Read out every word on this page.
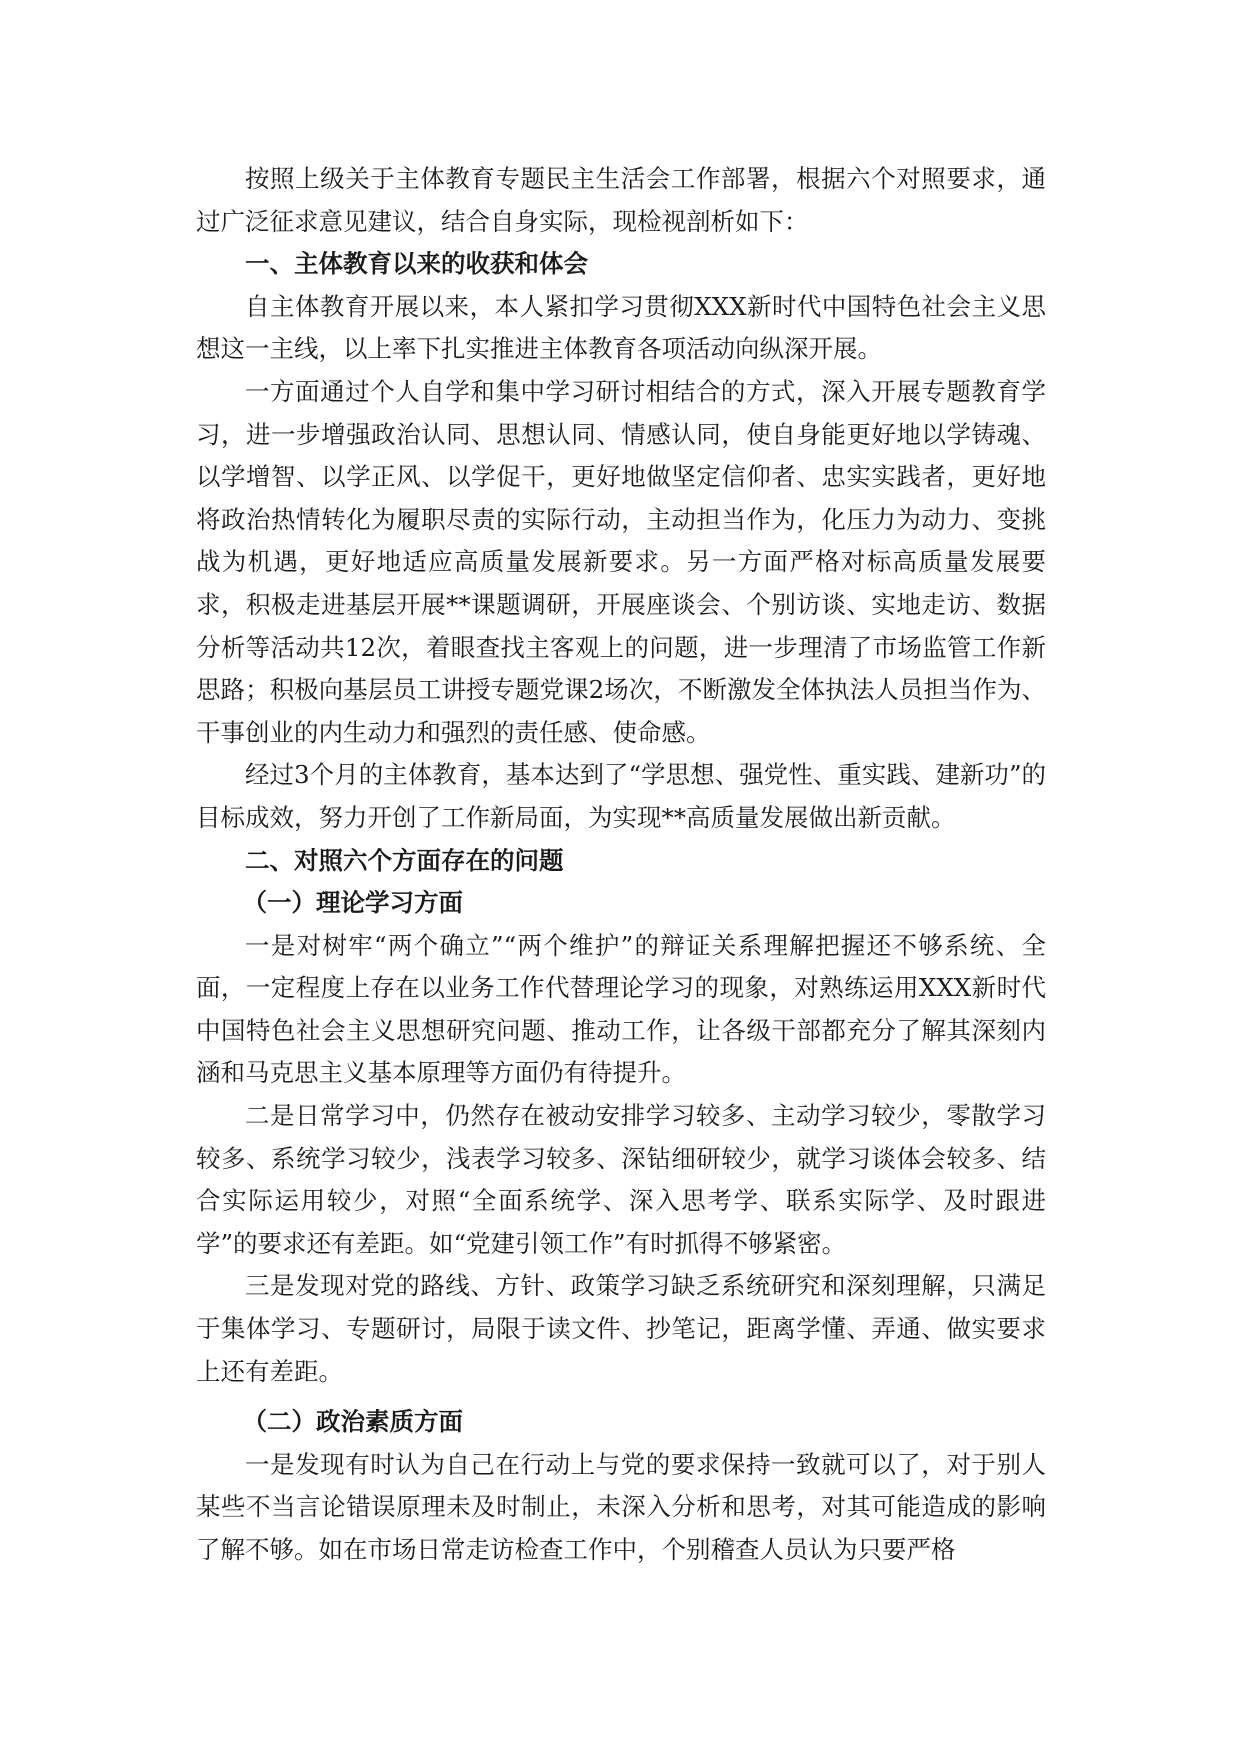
按照上级关于主体教育专题民主生活会工作部署，根据六个对照要求，通过广泛征求意见建议，结合自身实际，现检视剖析如下：

一、主体教育以来的收获和体会

自主体教育开展以来，本人紧扣学习贯彻XXX新时代中国特色社会主义思想这一主线，以上率下扎实推进主体教育各项活动向纵深开展。

一方面通过个人自学和集中学习研讨相结合的方式，深入开展专题教育学习，进一步增强政治认同、思想认同、情感认同，使自身能更好地以学铸魂、以学增智、以学正风、以学促干，更好地做坚定信仰者、忠实实践者，更好地将政治热情转化为履职尽责的实际行动，主动担当作为，化压力为动力、变挑战为机遇，更好地适应高质量发展新要求。另一方面严格对标高质量发展要求，积极走进基层开展**课题调研，开展座谈会、个别访谈、实地走访、数据分析等活动共12次，着眼查找主客观上的问题，进一步理清了市场监管工作新思路；积极向基层员工讲授专题党课2场次，不断激发全体执法人员担当作为、干事创业的内生动力和强烈的责任感、使命感。

经过3个月的主体教育，基本达到了“学思想、强党性、重实践、建新功”的目标成效，努力开创了工作新局面，为实现**高质量发展做出新贡献。

二、对照六个方面存在的问题
（一）理论学习方面

一是对树牢“两个确立”“两个维护”的辩证关系理解把握还不够系统、全面，一定程度上存在以业务工作代替理论学习的现象，对熟练运用XXX新时代中国特色社会主义思想研究问题、推动工作，让各级干部都充分了解其深刻内涵和马克思主义基本原理等方面仍有待提升。

二是日常学习中，仍然存在被动安排学习较多、主动学习较少，零散学习较多、系统学习较少，浅表学习较多、深钻细研较少，就学习谈体会较多、结合实际运用较少，对照“全面系统学、深入思考学、联系实际学、及时跟进学”的要求还有差距。如“党建引领工作”有时抓得不够紧密。

三是发现对党的路线、方针、政策学习缺乏系统研究和深刻理解，只满足于集体学习、专题研讨，局限于读文件、抄笔记，距离学懂、弄通、做实要求上还有差距。

（二）政治素质方面

一是发现有时认为自己在行动上与党的要求保持一致就可以了，对于别人某些不当言论错误原理未及时制止，未深入分析和思考，对其可能造成的影响了解不够。如在市场日常走访检查工作中，个别稽查人员认为只要严格
